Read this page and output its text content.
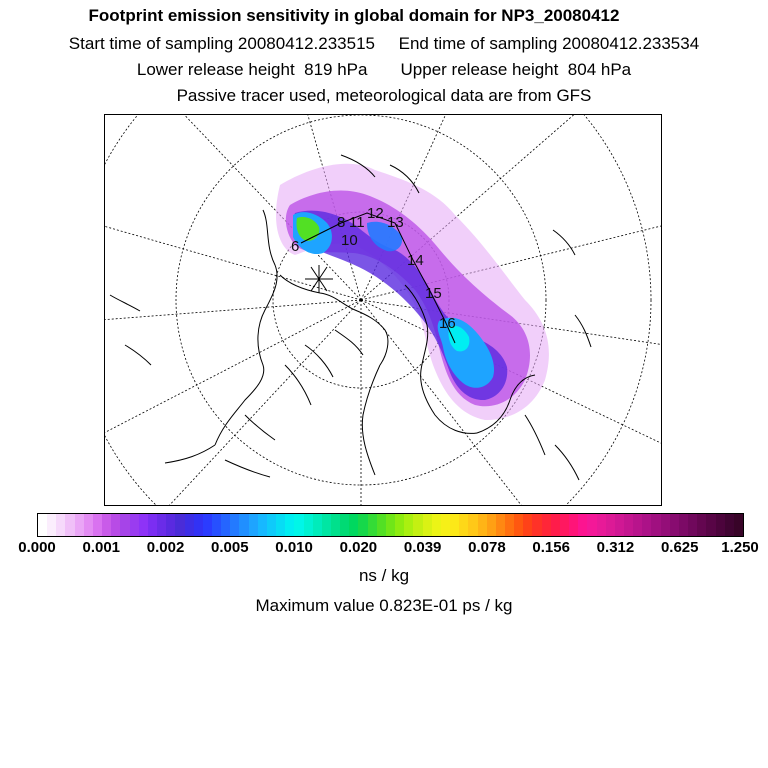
Footprint emission sensitivity in global domain for NP3_20080412
Start time of sampling 20080412.233515     End time of sampling 20080412.233534
Lower release height  819 hPa       Upper release height  804 hPa
Passive tracer used, meteorological data are from GFS
6
8
10
11
12
13
14
15
16
0.000 0.001 0.002 0.005 0.010 0.020 0.039 0.078 0.156 0.312 0.625 1.250
ns / kg
Maximum value 0.823E-01 ps / kg
